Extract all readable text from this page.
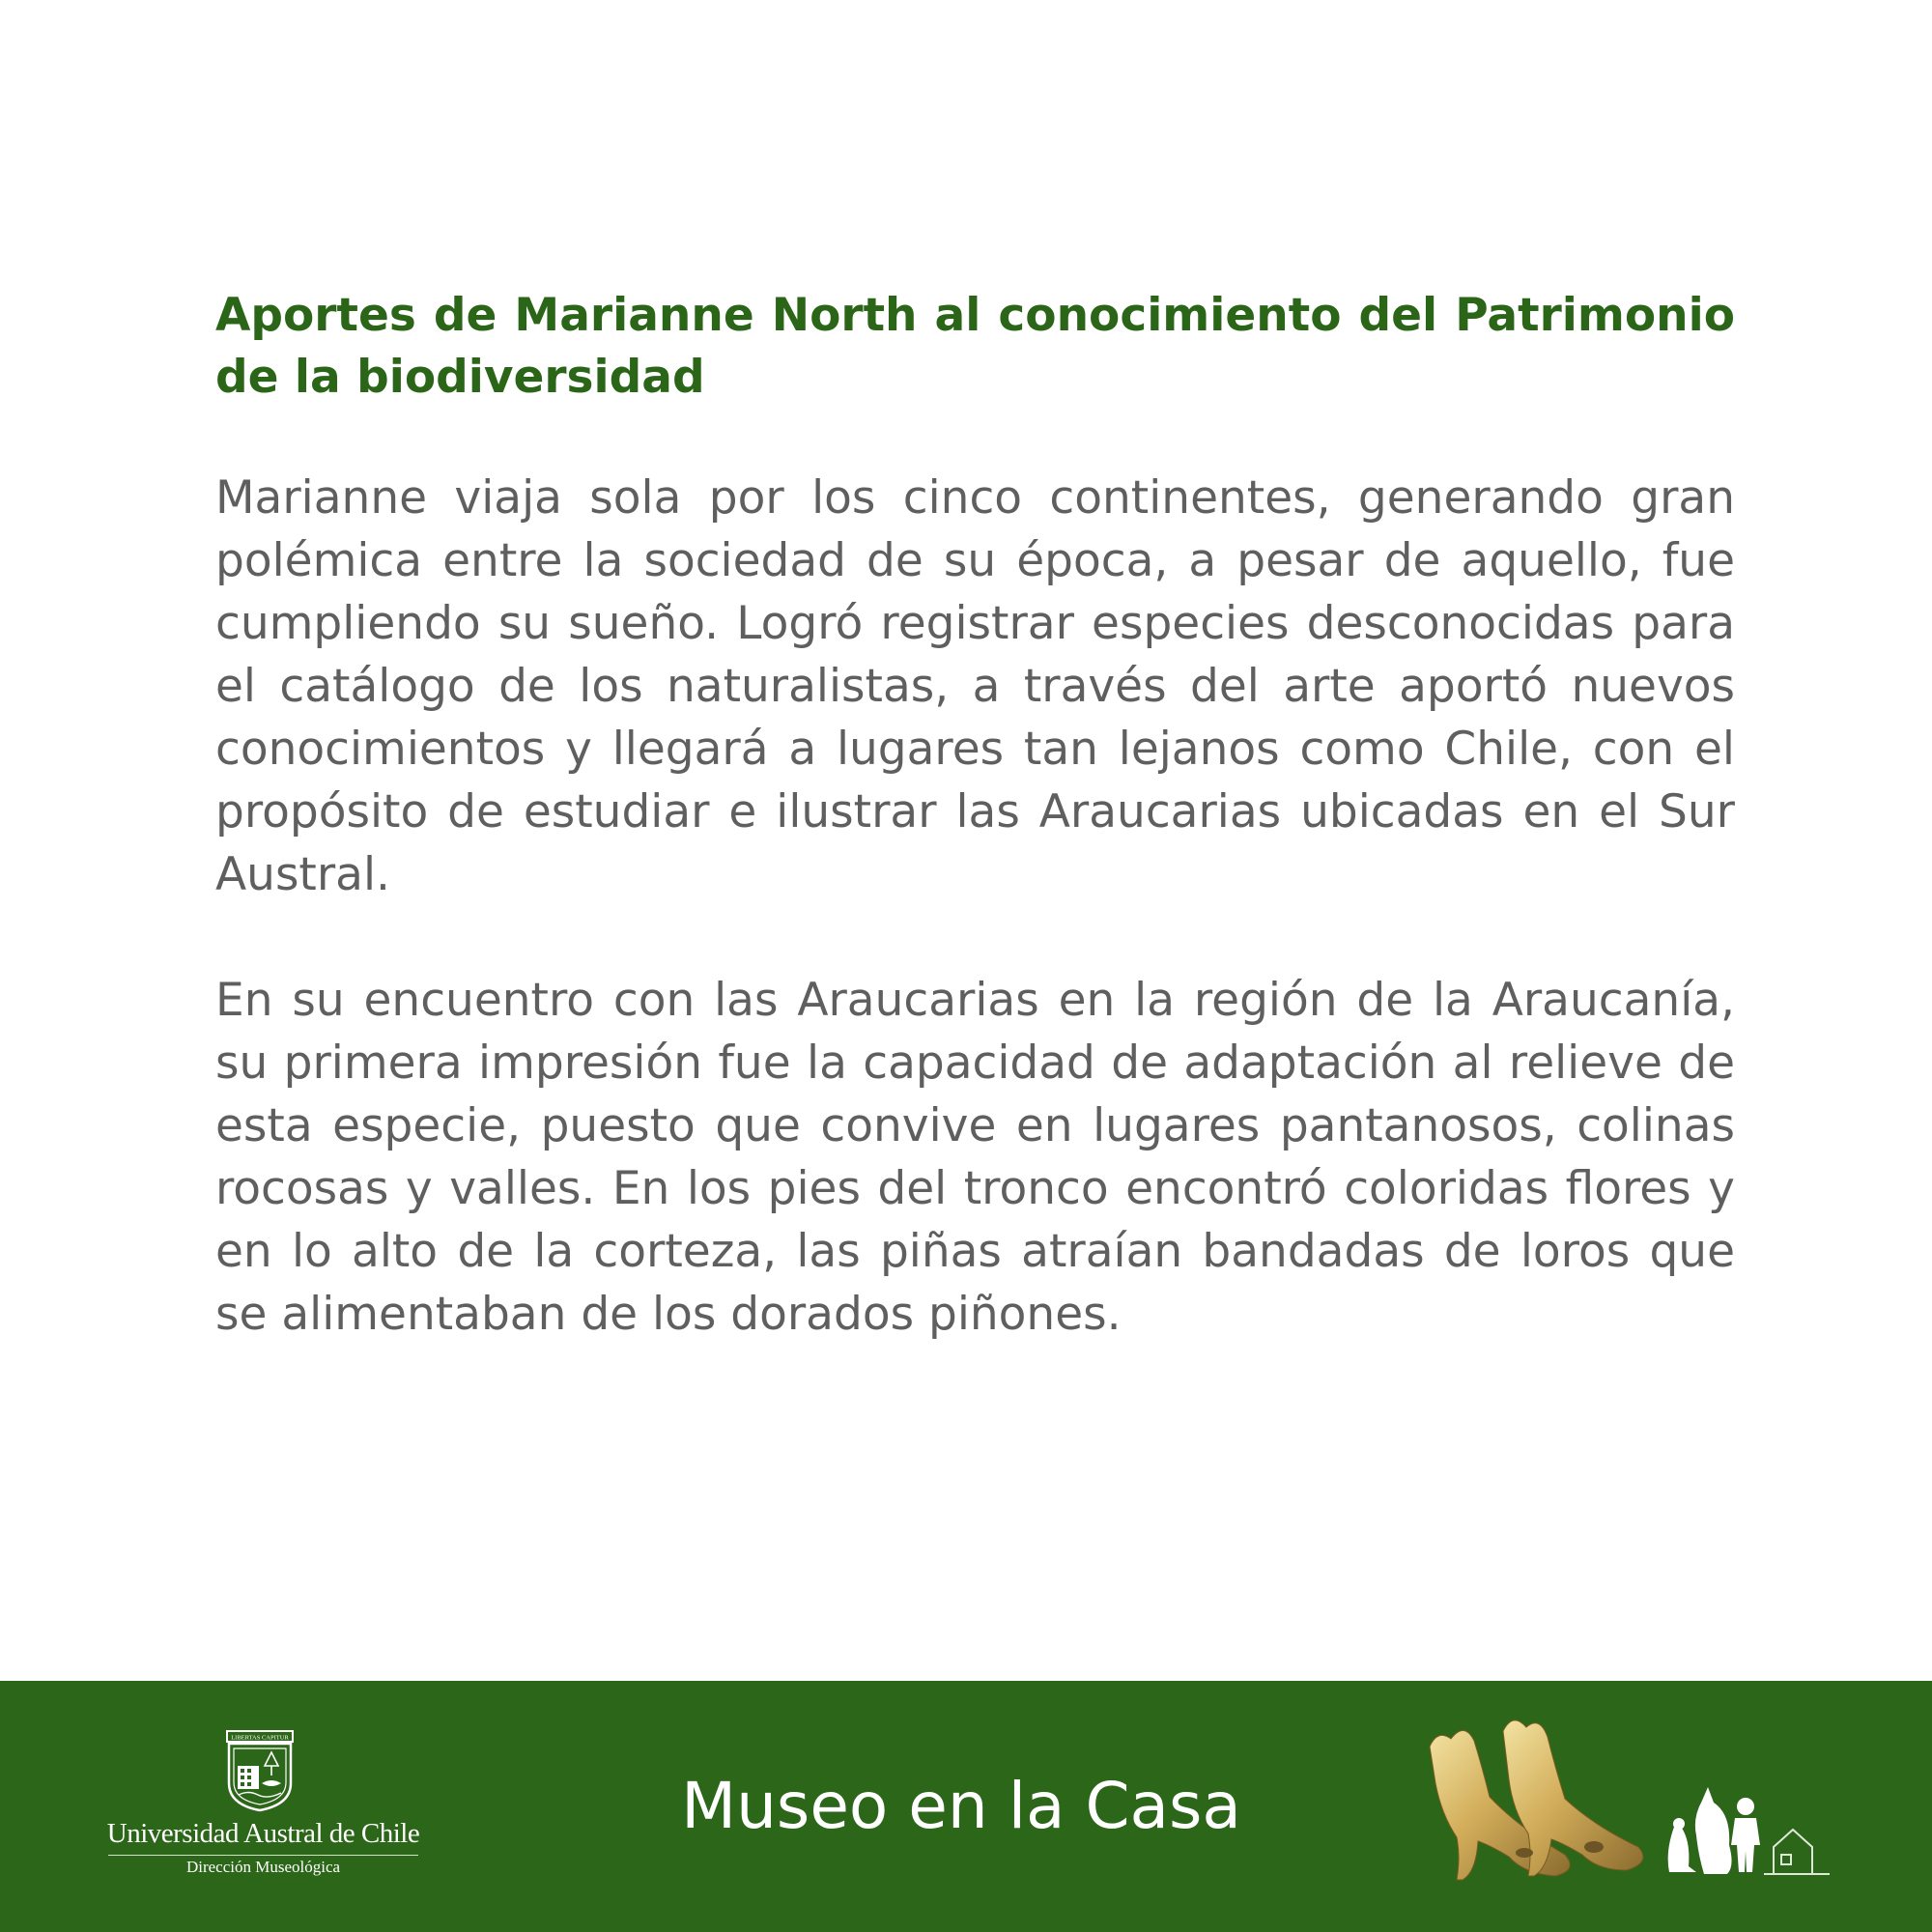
Aportes de Marianne North al conocimiento del Patrimonio de la biodiversidad

Marianne viaja sola por los cinco continentes, generando gran polémica entre la sociedad de su época, a pesar de aquello, fue cumpliendo su sueño. Logró registrar especies desconocidas para el catálogo de los naturalistas, a través del arte aportó nuevos conocimientos y llegará a lugares tan lejanos como Chile, con el propósito de estudiar e ilustrar las Araucarias ubicadas en el Sur Austral.

En su encuentro con las Araucarias en la región de la Araucanía, su primera impresión fue la capacidad de adaptación al relieve de esta especie, puesto que convive en lugares pantanosos, colinas rocosas y valles. En los pies del tronco encontró coloridas flores y en lo alto de la corteza, las piñas atraían bandadas de loros que se alimentaban de los dorados piñones.

LIBERTAS CAPITUR
Universidad Austral de Chile
Dirección Museológica
Museo en la Casa
